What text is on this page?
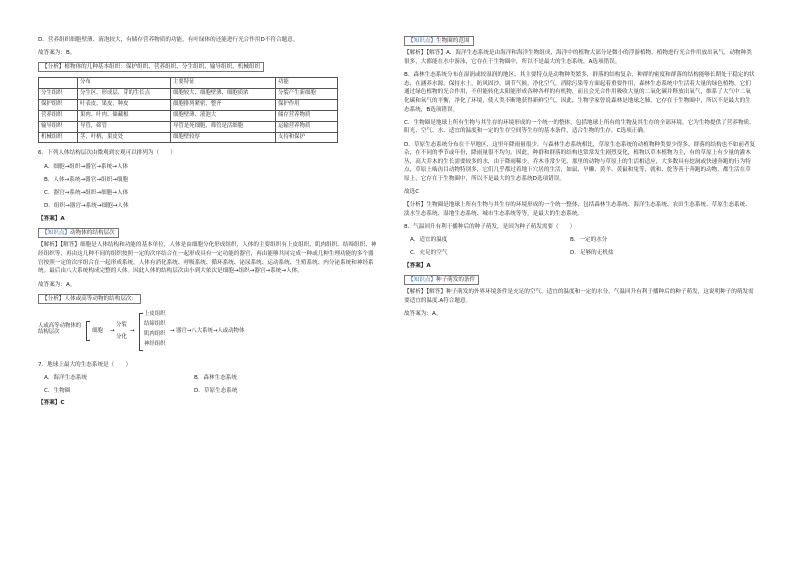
D．营养组织细胞壁薄、液泡较大，有储存营养物质的功能，有叶绿体的还能进行光合作用D不符合题意。

故答案为：B。

【分析】植物体的几种基本组织：保护组织、营养组织、分生组织、输导组织、机械组织
	分布	主要特征	功能
分生组织	分生区、形成层、芽的生长点	细胞较大、细胞壁薄、细胞质浓	分裂产生新细胞
保护组织	叶表皮，果皮，种皮	细胞排列紧密，整齐	保护作用
营养组织	果肉、叶肉、储藏根	细胞壁薄、液泡大	储存营养物质
输导组织	导管，筛管	导管是死细胞，筛管是活细胞	运输营养物质
机械组织	茎，叶柄，果皮处	细胞壁较厚	支持和保护

6．下列人体结构层次由微观到宏观可以排列为（　　）

A．细胞→组织→器官→系统→人体

B．人体→系统→器官→组织→细胞

C．器官→系统→组织→细胞→人体

D．组织→器官→系统→细胞→人体

【答案】A

【知识点】动物体的结构层次

【解析】【解答】细胞是人体结构和功能的基本单位，人体是由细胞分化形成组织，人体的主要组织有上皮组织、肌肉组织、结缔组织、神经组织等，再由这几种不同的组织按照一定的次序结合在一起形成具有一定功能的器官，再由能够共同完成一种或几种生理功能的多个器官按照一定的次序组合在一起形成系统，人体有消化系统、呼吸系统、循环系统、泌尿系统、运动系统、生殖系统、内分泌系统和神经系统。最后由八大系统构成完整的人体。因此人体的结构层次由小到大依次是细胞→组织→器官→系统→人体。

故答案为：A。

【分析】人体或高等动物的结构层次：
人或高等动物体的结构层次	细胞 →
分裂
分化
→
上皮组织
结缔组织
肌肉组织
神经组织
→ 器官→八大系统→人或动物体

7．地球上最大的生态系统是（　　）

A．海洋生态系统	B．森林生态系统
C．生物圈	D．草原生态系统

【答案】C

【知识点】生物圈的范围

【解析】【解答】A．海洋生态系统是由海洋和海洋生物组成，海洋中的植物大部分是微小的浮游植物，植物进行光合作用放出氧气，动物种类很多，大都能在水中游泳，它存在于生物圈中，所以不是最大的生态系统，A选项错误。

B．森林生态系统分布在湿润或较湿润的地区，其主要特点是动物种类繁多，群落的结构复杂，种群的密度和群落的结构能够长期处于稳定的状态，在涵养水源，保持水土，防风固沙，调节气候，净化空气，消除污染等方面起着重要作用，森林生态系统中生活着大量的绿色植物，它们通过绿色植物的光合作用，不但能转化太阳能形成各种各样的有机物，而且会光合作用吸收大量的二氧化碳并释放出氧气，维系了大气中二氧化碳和氧气的平衡，净化了环境，使人类不断地获得新鲜空气，因此，生物学家曾说森林是地球之肺，它存在于生物圈中，所以不是最大的生态系统，B选项错误。

C．生物圈是地球上所有生物与其生存的环境形成的一个统一的整体，包括地球上所有的生物及其生存的全部环境，它为生物提供了营养物质、阳光、空气、水、适宜的温度和一定的生存空间等生存的基本条件，适合生物的生存，C选项正确。

D．草原生态系统分布在干旱地区，这里年降雨量很少，与森林生态系统相比，草原生态系统的动植物种类要少得多，群落的结构也不如前者复杂，在不同的季节或年份，降雨量很不均匀，因此，种群和群落的结构也常常发生剧烈变化，植物以草本植物为主，有的草原上有少量的灌木丛，高大乔木的生长需要较多的水，由于降雨稀少，乔木非常少见，那里的动物与草原上的生活相适应，大多数具有挖洞或快速奔跑的行为特点，草原上啮齿目动物特别多，它们几乎都过着地下穴居的生活，如鼠、旱獭、黄羊、黄鼠和兔等，就和、鸵等善于奔跑的动物，都生活在草原上，它存在于生物圈中，所以不是最大的生态系统D选项错误。

故选C

【分析】生物圈是地球上所有生物与其生存的环境形成的一个统一整体，包括森林生态系统、海洋生态系统、农田生态系统、草原生态系统、淡水生态系统、湿地生态系统、城市生态系统等等，是最大的生态系统。

8．气温回升有利于播种后的种子萌发，是因为种子萌发需要（　　）

A．适宜的温度	B．一定的水分
C．充足的空气	D．足够的无机盐

【答案】A

【知识点】种子萌发的条件

【解析】【解答】种子萌发的外界环境条件是充足的空气、适宜的温度和一定的水分，气温回升有利于播种后的种子萌发，这说明种子的萌发需要适宜的温度.A符合题意。

故答案为：A。
